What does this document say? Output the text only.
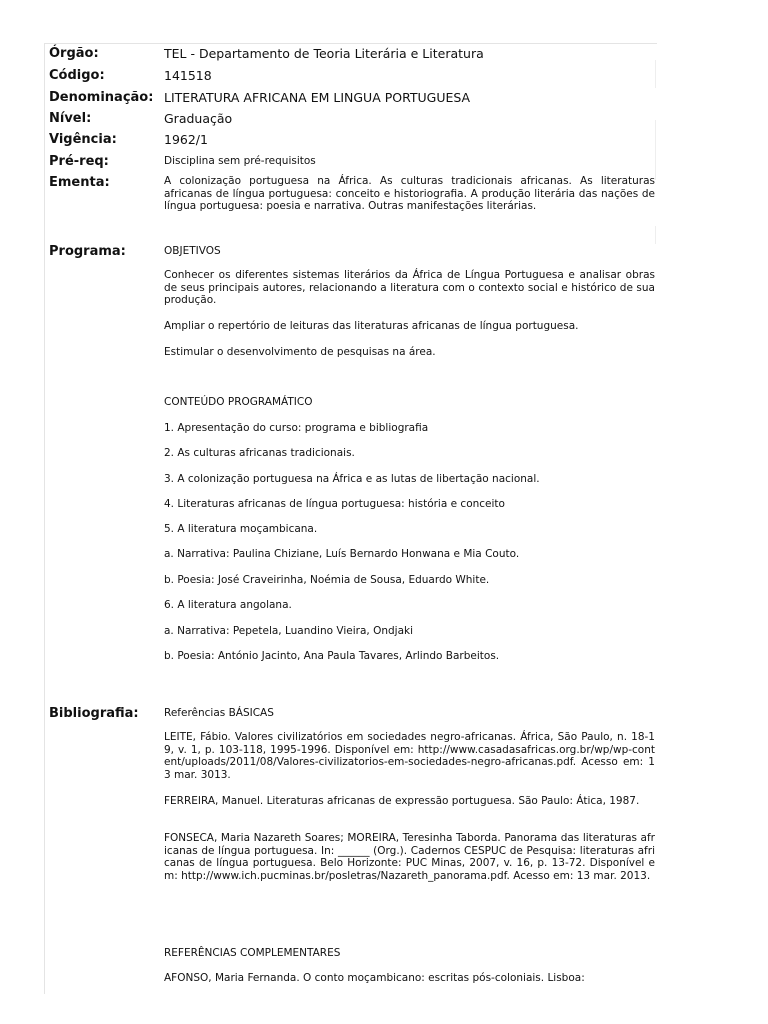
Órgão:	TEL - Departamento de Teoria Literária e Literatura
Código:	141518
Denominação: LITERATURA AFRICANA EM LINGUA PORTUGUESA
Nível:	Graduação
Vigência:	1962/1
Pré-req:	Disciplina sem pré-requisitos
Ementa:	A colonização portuguesa na África. As culturas tradicionais africanas. As literaturas africanas de língua portuguesa: conceito e historiografia. A produção literária das nações de língua portuguesa: poesia e narrativa. Outras manifestações literárias.
Programa:	OBJETIVOS
Conhecer os diferentes sistemas literários da África de Língua Portuguesa e analisar obras de seus principais autores, relacionando a literatura com o contexto social e histórico de sua produção.
Ampliar o repertório de leituras das literaturas africanas de língua portuguesa.
Estimular o desenvolvimento de pesquisas na área.
CONTEÚDO PROGRAMÁTICO
1. Apresentação do curso: programa e bibliografia
2. As culturas africanas tradicionais.
3. A colonização portuguesa na África e as lutas de libertação nacional.
4. Literaturas africanas de língua portuguesa: história e conceito
5. A literatura moçambicana.
a. Narrativa: Paulina Chiziane, Luís Bernardo Honwana e Mia Couto.
b. Poesia: José Craveirinha, Noémia de Sousa, Eduardo White.
6. A literatura angolana.
a. Narrativa: Pepetela, Luandino Vieira, Ondjaki
b. Poesia: António Jacinto, Ana Paula Tavares, Arlindo Barbeitos.
Bibliografia: Referências BÁSICAS
LEITE, Fábio. Valores civilizatórios em sociedades negro-africanas. África, São Paulo, n. 18-19, v. 1, p. 103-118, 1995-1996. Disponível em: http://www.casadasafricas.org.br/wp/wp-content/uploads/2011/08/Valores-civilizatorios-em-sociedades-negro-africanas.pdf. Acesso em: 13 mar. 3013.
FERREIRA, Manuel. Literaturas africanas de expressão portuguesa. São Paulo: Ática, 1987.
FONSECA, Maria Nazareth Soares; MOREIRA, Teresinha Taborda. Panorama das literaturas africanas de língua portuguesa. In: ______ (Org.). Cadernos CESPUC de Pesquisa: literaturas africanas de língua portuguesa. Belo Horizonte: PUC Minas, 2007, v. 16, p. 13-72. Disponível em: http://www.ich.pucminas.br/posletras/Nazareth_panorama.pdf. Acesso em: 13 mar. 2013.
REFERÊNCIAS COMPLEMENTARES
AFONSO, Maria Fernanda. O conto moçambicano: escritas pós-coloniais. Lisboa:
